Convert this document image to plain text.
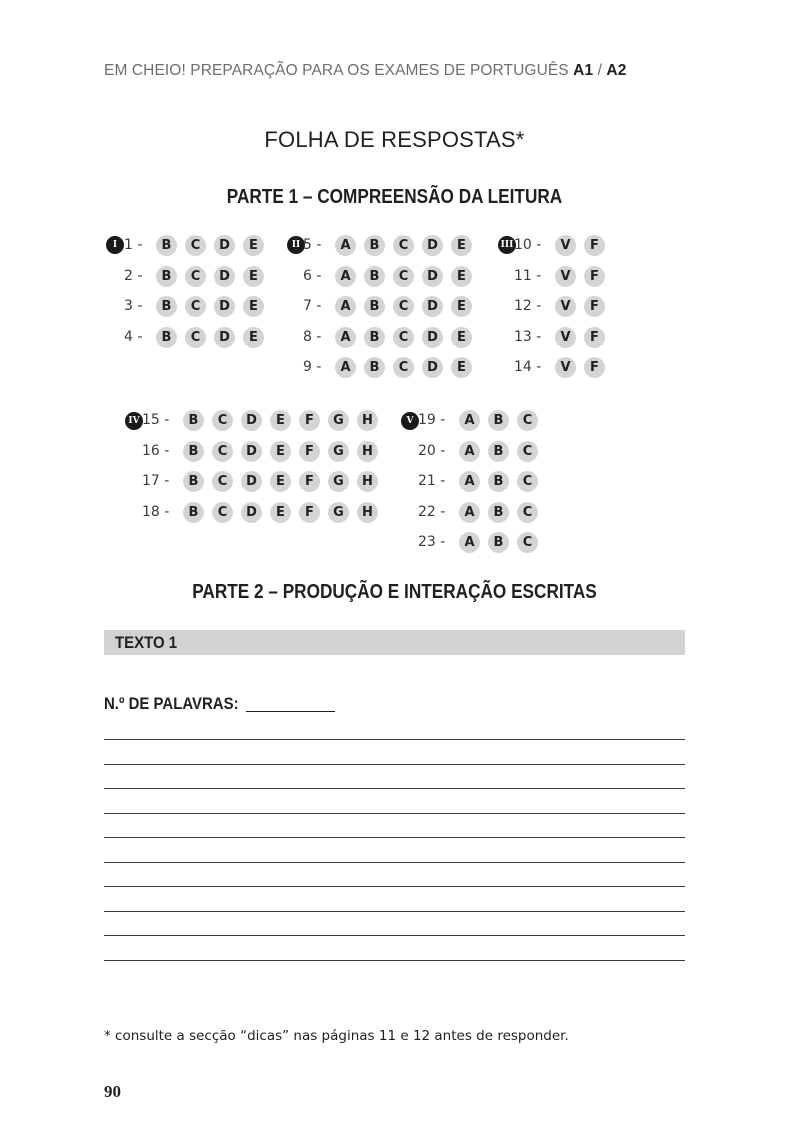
EM CHEIO! PREPARAÇÃO PARA OS EXAMES DE PORTUGUÊS A1 / A2
FOLHA DE RESPOSTAS*
PARTE 1 – COMPREENSÃO DA LEITURA
I 1 -	B	C	D	E
2 -	B	C	D	E
3 -	B	C	D	E
4 -	B	C	D	E
II 5 -	A	B	C	D	E
6 -	A	B	C	D	E
7 -	A	B	C	D	E
8 -	A	B	C	D	E
9 -	A	B	C	D	E
III 10 -	V	F
11 -	V	F
12 -	V	F
13 -	V	F
14 -	V	F
IV 15 -	B	C	D	E	F	G	H
16 -	B	C	D	E	F	G	H
17 -	B	C	D	E	F	G	H
18 -	B	C	D	E	F	G	H
V 19 -	A	B	C
20 -	A	B	C
21 -	A	B	C
22 -	A	B	C
23 -	A	B	C
PARTE 2 – PRODUÇÃO E INTERAÇÃO ESCRITAS
TEXTO 1
N.º DE PALAVRAS:
* consulte a secção “dicas” nas páginas 11 e 12 antes de responder.
90
